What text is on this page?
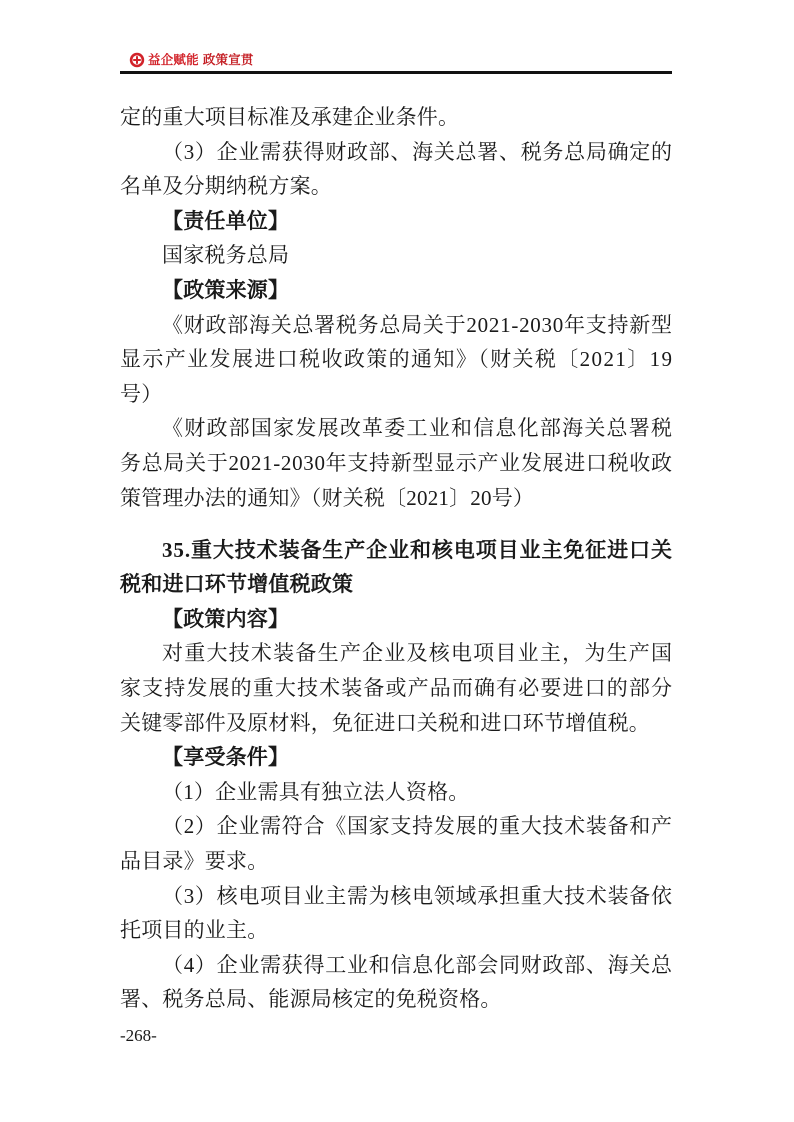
益企赋能 政策宣贯
定的重大项目标准及承建企业条件。
（3）企业需获得财政部、海关总署、税务总局确定的
名单及分期纳税方案。
【责任单位】
国家税务总局
【政策来源】
《财政部海关总署税务总局关于2021-2030年支持新型
显示产业发展进口税收政策的通知》（财关税〔2021〕19
号）
《财政部国家发展改革委工业和信息化部海关总署税
务总局关于2021-2030年支持新型显示产业发展进口税收政
策管理办法的通知》（财关税〔2021〕20号）
35.重大技术装备生产企业和核电项目业主免征进口关
税和进口环节增值税政策
【政策内容】
对重大技术装备生产企业及核电项目业主，为生产国
家支持发展的重大技术装备或产品而确有必要进口的部分
关键零部件及原材料，免征进口关税和进口环节增值税。
【享受条件】
（1）企业需具有独立法人资格。
（2）企业需符合《国家支持发展的重大技术装备和产
品目录》要求。
（3）核电项目业主需为核电领域承担重大技术装备依
托项目的业主。
（4）企业需获得工业和信息化部会同财政部、海关总
署、税务总局、能源局核定的免税资格。
-268-
